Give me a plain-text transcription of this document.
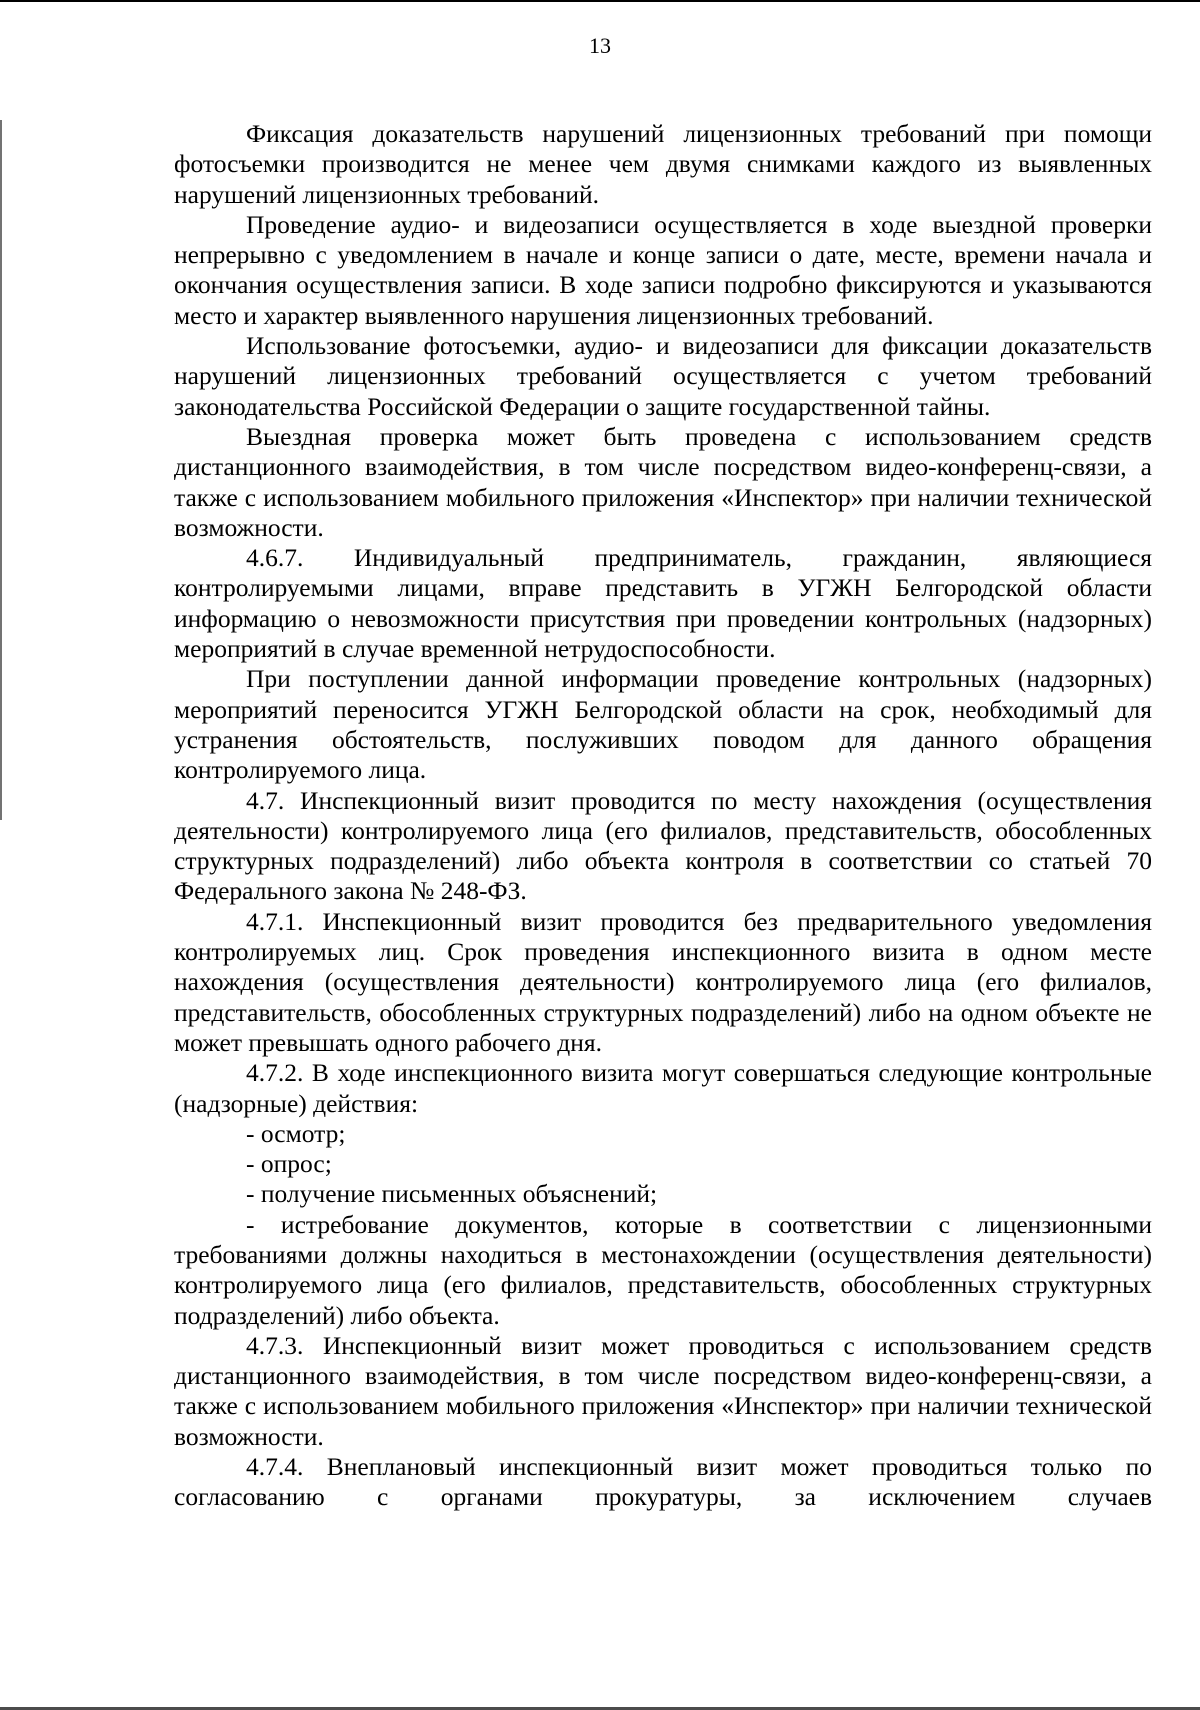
13

Фиксация доказательств нарушений лицензионных требований при помощи фотосъемки производится не менее чем двумя снимками каждого из выявленных нарушений лицензионных требований.

Проведение аудио- и видеозаписи осуществляется в ходе выездной проверки непрерывно с уведомлением в начале и конце записи о дате, месте, времени начала и окончания осуществления записи. В ходе записи подробно фиксируются и указываются место и характер выявленного нарушения лицензионных требований.

Использование фотосъемки, аудио- и видеозаписи для фиксации доказательств нарушений лицензионных требований осуществляется с учетом требований законодательства Российской Федерации о защите государственной тайны.

Выездная проверка может быть проведена с использованием средств дистанционного взаимодействия, в том числе посредством видео-конференц-связи, а также с использованием мобильного приложения «Инспектор» при наличии технической возможности.

4.6.7. Индивидуальный предприниматель, гражданин, являющиеся контролируемыми лицами, вправе представить в УГЖН Белгородской области информацию о невозможности присутствия при проведении контрольных (надзорных) мероприятий в случае временной нетрудоспособности.

При поступлении данной информации проведение контрольных (надзорных) мероприятий переносится УГЖН Белгородской области на срок, необходимый для устранения обстоятельств, послуживших поводом для данного обращения контролируемого лица.

4.7. Инспекционный визит проводится по месту нахождения (осуществления деятельности) контролируемого лица (его филиалов, представительств, обособленных структурных подразделений) либо объекта контроля в соответствии со статьей 70 Федерального закона № 248-ФЗ.

4.7.1. Инспекционный визит проводится без предварительного уведомления контролируемых лиц. Срок проведения инспекционного визита в одном месте нахождения (осуществления деятельности) контролируемого лица (его филиалов, представительств, обособленных структурных подразделений) либо на одном объекте не может превышать одного рабочего дня.

4.7.2. В ходе инспекционного визита могут совершаться следующие контрольные (надзорные) действия:

- осмотр;

- опрос;

- получение письменных объяснений;

- истребование документов, которые в соответствии с лицензионными требованиями должны находиться в местонахождении (осуществления деятельности) контролируемого лица (его филиалов, представительств, обособленных структурных подразделений) либо объекта.

4.7.3. Инспекционный визит может проводиться с использованием средств дистанционного взаимодействия, в том числе посредством видео-конференц-связи, а также с использованием мобильного приложения «Инспектор» при наличии технической возможности.

4.7.4. Внеплановый инспекционный визит может проводиться только по согласованию с органами прокуратуры, за исключением случаев
